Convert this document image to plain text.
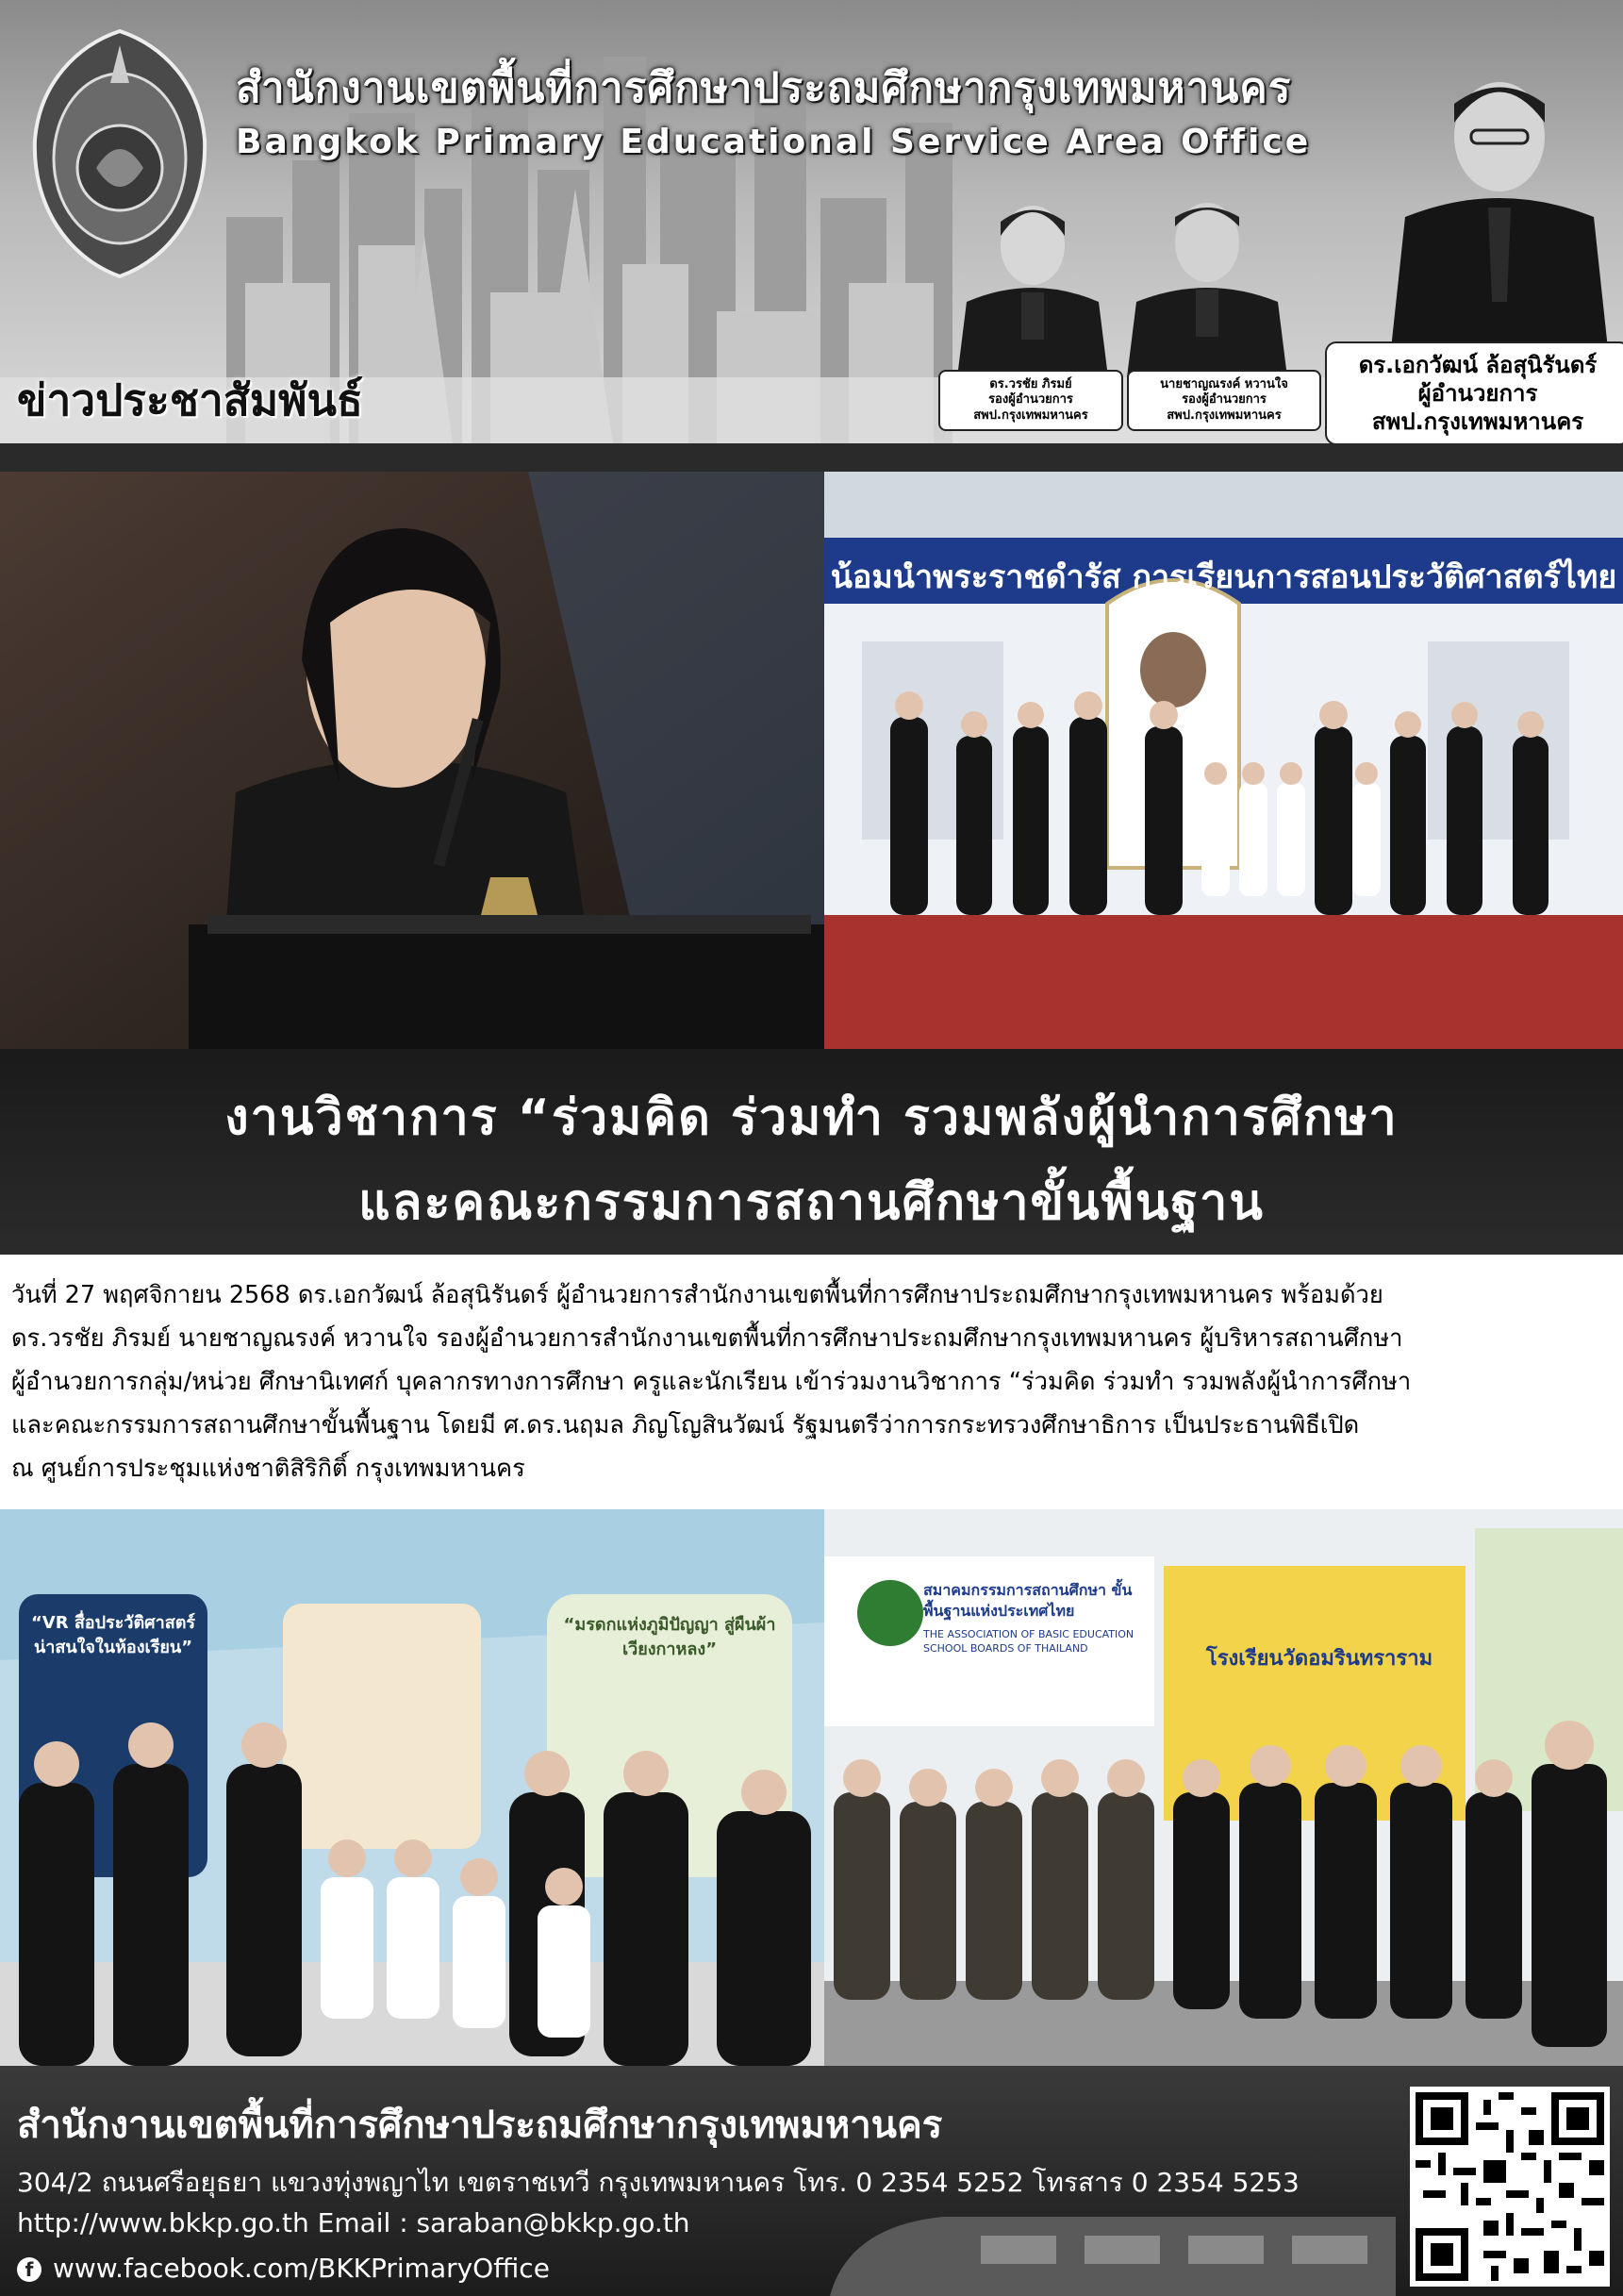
สำนักงานเขตพื้นที่การศึกษาประถมศึกษากรุงเทพมหานคร
Bangkok Primary Educational Service Area Office
ข่าวประชาสัมพันธ์	ดร.วรชัย ภิรมย์
รองผู้อำนวยการ
สพป.กรุงเทพมหานคร
นายชาญณรงค์ หวานใจ
รองผู้อำนวยการ
สพป.กรุงเทพมหานคร
ดร.เอกวัฒน์ ล้อสุนิรันดร์
ผู้อำนวยการ
สพป.กรุงเทพมหานคร
น้อมนำพระราชดำรัส การเรียนการสอนประวัติศาสตร์ไทย
งานวิชาการ “ร่วมคิด ร่วมทำ รวมพลังผู้นำการศึกษา
และคณะกรรมการสถานศึกษาขั้นพื้นฐาน
วันที่ 27 พฤศจิกายน 2568 ดร.เอกวัฒน์ ล้อสุนิรันดร์ ผู้อำนวยการสำนักงานเขตพื้นที่การศึกษาประถมศึกษากรุงเทพมหานคร พร้อมด้วย
ดร.วรชัย ภิรมย์ นายชาญณรงค์ หวานใจ รองผู้อำนวยการสำนักงานเขตพื้นที่การศึกษาประถมศึกษากรุงเทพมหานคร ผู้บริหารสถานศึกษา
ผู้อำนวยการกลุ่ม/หน่วย ศึกษานิเทศก์ บุคลากรทางการศึกษา ครูและนักเรียน เข้าร่วมงานวิชาการ “ร่วมคิด ร่วมทำ รวมพลังผู้นำการศึกษา
และคณะกรรมการสถานศึกษาขั้นพื้นฐาน โดยมี ศ.ดร.นฤมล ภิญโญสินวัฒน์ รัฐมนตรีว่าการกระทรวงศึกษาธิการ เป็นประธานพิธีเปิด
ณ ศูนย์การประชุมแห่งชาติสิริกิติ์ กรุงเทพมหานคร
“VR สื่อประวัติศาสตร์ น่าสนใจในห้องเรียน”
“มรดกแห่งภูมิปัญญา สู่ผืนผ้าเวียงกาหลง”
สมาคมกรรมการสถานศึกษา ขั้นพื้นฐานแห่งประเทศไทย
THE ASSOCIATION OF BASIC EDUCATION SCHOOL BOARDS OF THAILAND	โรงเรียนวัดอมรินทราราม
สำนักงานเขตพื้นที่การศึกษาประถมศึกษากรุงเทพมหานคร
304/2 ถนนศรีอยุธยา แขวงทุ่งพญาไท เขตราชเทวี กรุงเทพมหานคร โทร. 0 2354 5252 โทรสาร 0 2354 5253
http://www.bkkp.go.th Email : saraban@bkkp.go.th
f www.facebook.com/BKKPrimaryOffice
